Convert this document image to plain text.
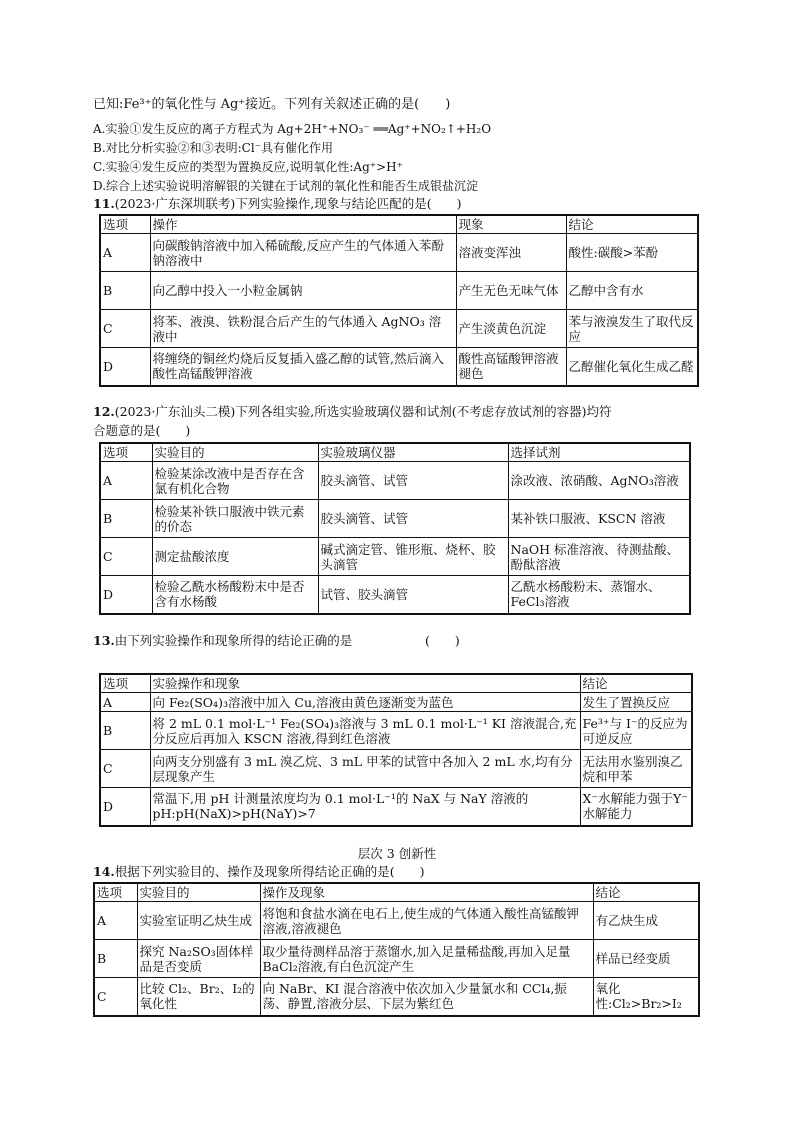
已知:Fe³⁺的氧化性与 Ag⁺接近。下列有关叙述正确的是(　　)
A.实验①发生反应的离子方程式为 Ag+2H⁺+NO₃⁻ ══Ag⁺+NO₂↑+H₂O
B.对比分析实验②和③表明:Cl⁻具有催化作用
C.实验④发生反应的类型为置换反应,说明氧化性:Ag⁺>H⁺
D.综合上述实验说明溶解银的关键在于试剂的氧化性和能否生成银盐沉淀
11.(2023·广东深圳联考)下列实验操作,现象与结论匹配的是(　　)
选项	操作	现象	结论
A	向碳酸钠溶液中加入稀硫酸,反应产生的气体通入苯酚钠溶液中	溶液变浑浊	酸性:碳酸>苯酚
B	向乙醇中投入一小粒金属钠	产生无色无味气体	乙醇中含有水
C	将苯、液溴、铁粉混合后产生的气体通入 AgNO₃ 溶液中	产生淡黄色沉淀	苯与液溴发生了取代反应
D	将缠绕的铜丝灼烧后反复插入盛乙醇的试管,然后滴入酸性高锰酸钾溶液	酸性高锰酸钾溶液褪色	乙醇催化氧化生成乙醛
12.(2023·广东汕头二模)下列各组实验,所选实验玻璃仪器和试剂(不考虑存放试剂的容器)均符
合题意的是(　　)
选项	实验目的	实验玻璃仪器	选择试剂
A	检验某涂改液中是否存在含氯有机化合物	胶头滴管、试管	涂改液、浓硝酸、AgNO₃溶液
B	检验某补铁口服液中铁元素的价态	胶头滴管、试管	某补铁口服液、KSCN 溶液
C	测定盐酸浓度	碱式滴定管、锥形瓶、烧杯、胶头滴管	NaOH 标准溶液、待测盐酸、酚酞溶液
D	检验乙酰水杨酸粉末中是否含有水杨酸	试管、胶头滴管	乙酰水杨酸粉末、蒸馏水、FeCl₃溶液
13.由下列实验操作和现象所得的结论正确的是	(　　)
选项	实验操作和现象	结论
A	向 Fe₂(SO₄)₃溶液中加入 Cu,溶液由黄色逐渐变为蓝色	发生了置换反应
B	将 2 mL 0.1 mol·L⁻¹ Fe₂(SO₄)₃溶液与 3 mL 0.1 mol·L⁻¹ KI 溶液混合,充分反应后再加入 KSCN 溶液,得到红色溶液	Fe³⁺与 I⁻的反应为可逆反应
C	向两支分别盛有 3 mL 溴乙烷、3 mL 甲苯的试管中各加入 2 mL 水,均有分层现象产生	无法用水鉴别溴乙烷和甲苯
D	常温下,用 pH 计测量浓度均为 0.1 mol·L⁻¹的 NaX 与 NaY 溶液的pH:pH(NaX)>pH(NaY)>7	X⁻水解能力强于Y⁻水解能力
层次 3 创新性
14.根据下列实验目的、操作及现象所得结论正确的是(　　)
选项	实验目的	操作及现象	结论
A	实验室证明乙炔生成	将饱和食盐水滴在电石上,使生成的气体通入酸性高锰酸钾溶液,溶液褪色	有乙炔生成
B	探究 Na₂SO₃固体样品是否变质	取少量待测样品溶于蒸馏水,加入足量稀盐酸,再加入足量 BaCl₂溶液,有白色沉淀产生	样品已经变质
C	比较 Cl₂、Br₂、I₂的氧化性	向 NaBr、KI 混合溶液中依次加入少量氯水和 CCl₄,振荡、静置,溶液分层、下层为紫红色	氧化性:Cl₂>Br₂>I₂
